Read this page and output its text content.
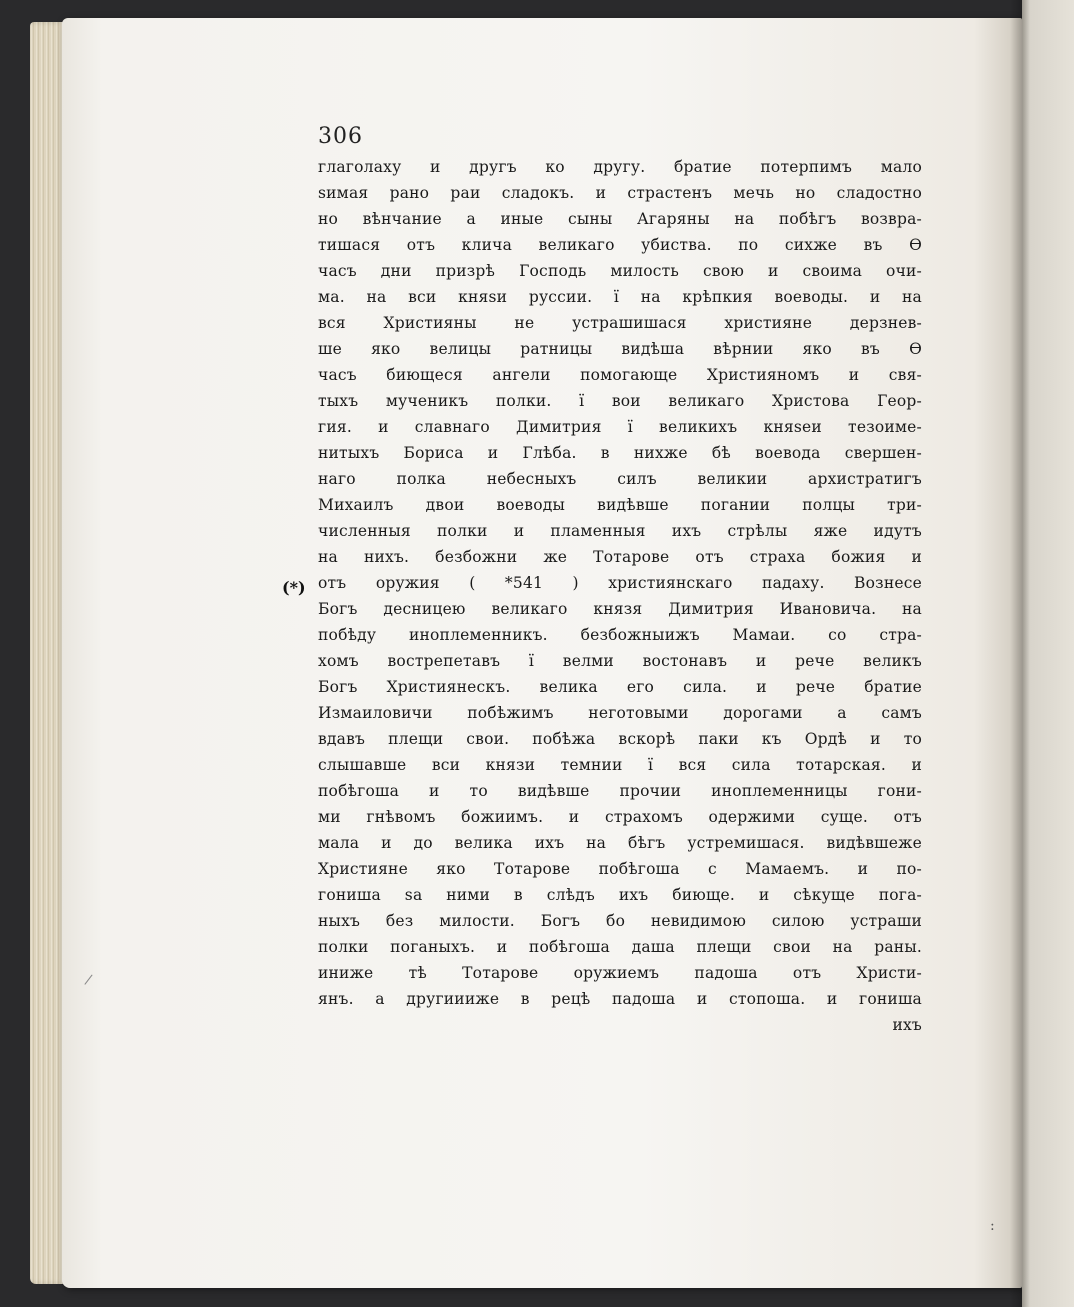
306
(*)
/
:
глаголаху и другъ ко другу. братие потерпимъ мало
ѕимая рано раи сладокъ. и страстенъ мечь но сладостно
но вѣнчание а иные сыны Агаряны на побѣгъ возвра-
тишася отъ клича великаго убиства. по сихже въ Ѳ
часъ дни призрѣ Господь милость свою и своима очи-
ма. на вси княѕи руссии. ї на крѣпкия воеводы. и на
вся Християны не устрашишася християне дерзнев-
ше яко велицы ратницы видѣша вѣрнии яко въ Ѳ
часъ биющеся ангели помогающе Християномъ и свя-
тыхъ мученикъ полки. ї вои великаго Христова Геор-
гия. и славнаго Димитрия ї великихъ княѕеи тезоиме-
нитыхъ Бориса и Глѣба. в нихже бѣ воевода свершен-
наго полка небесныхъ силъ великии архистратигъ
Михаилъ двои воеводы видѣвше погании полцы три-
численныя полки и пламенныя ихъ стрѣлы яже идутъ
на нихъ. безбожни же Тотарове отъ страха божия и
отъ оружия ( *541 ) християнскаго падаху. Вознесе
Богъ десницею великаго князя Димитрия Ивановича. на
побѣду иноплеменникъ. безбожныижъ Мамаи. со стра-
хомъ вострепетавъ ї велми востонавъ и рече великъ
Богъ Християнескъ. велика его сила. и рече братие
Измаиловичи побѣжимъ неготовыми дорогами а самъ
вдавъ плещи свои. побѣжа вскорѣ паки къ Ордѣ и то
слышавше вси князи темнии ї вся сила тотарская. и
побѣгоша и то видѣвше прочии иноплеменницы гони-
ми гнѣвомъ божиимъ. и страхомъ одержими суще. отъ
мала и до велика ихъ на бѣгъ устремишася. видѣвшеже
Християне яко Тотарове побѣгоша с Мамаемъ. и по-
гониша ѕа ними в слѣдъ ихъ биюще. и сѣкуще пога-
ныхъ без милости. Богъ бо невидимою силою устраши
полки поганыхъ. и побѣгоша даша плещи свои на раны.
иниже тѣ Тотарове оружиемъ падоша отъ Христи-
янъ. а другиииже в рецѣ падоша и стопоша. и гониша
ихъ
